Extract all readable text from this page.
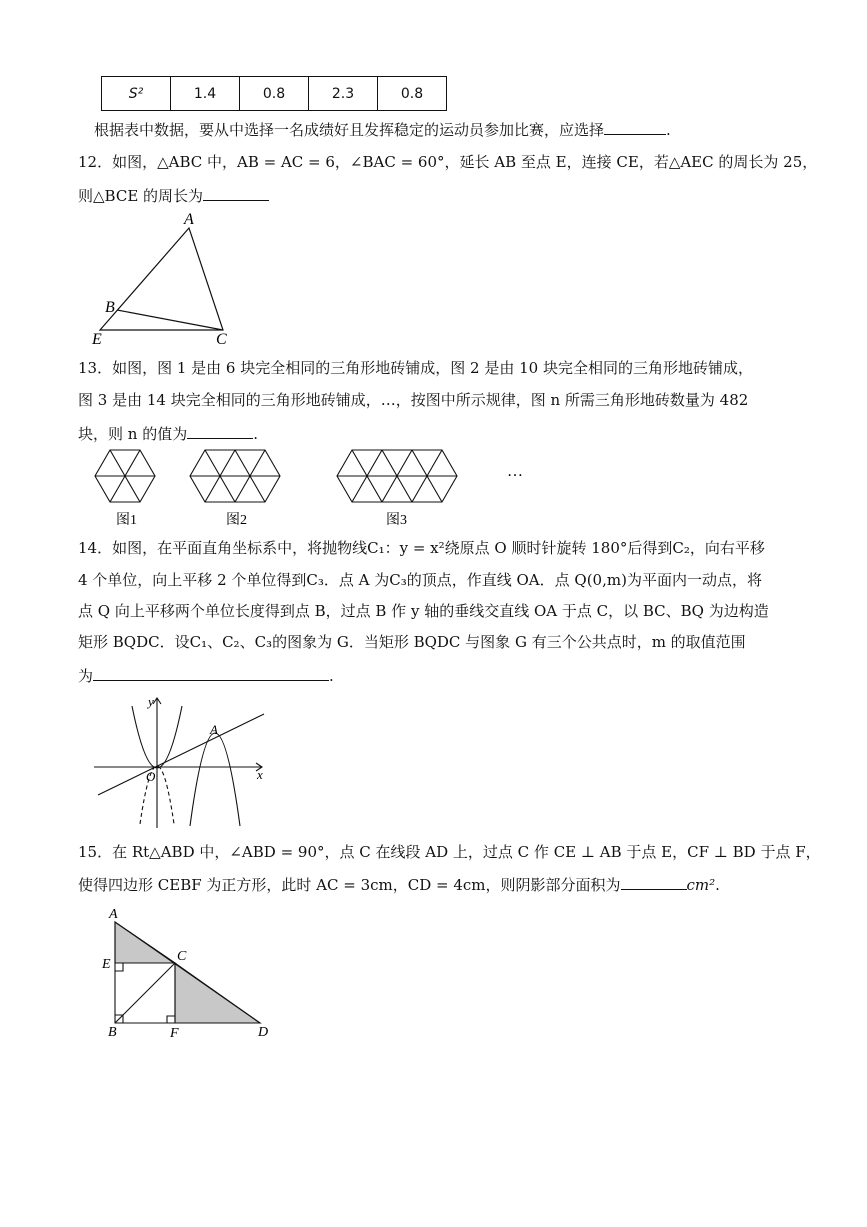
S²	1.4	0.8	2.3	0.8
根据表中数据，要从中选择一名成绩好且发挥稳定的运动员参加比赛，应选择	.
12．如图，△ABC 中，AB = AC = 6，∠BAC = 60°，延长 AB 至点 E，连接 CE，若△AEC 的周长为 25，
则△BCE 的周长为
A
B
E	C
13．如图，图 1 是由 6 块完全相同的三角形地砖铺成，图 2 是由 10 块完全相同的三角形地砖铺成，
图 3 是由 14 块完全相同的三角形地砖铺成，…，按图中所示规律，图 n 所需三角形地砖数量为 482
块，则 n 的值为	.
…
图1	图2	图3
14．如图，在平面直角坐标系中，将抛物线C₁：y = x²绕原点 O 顺时针旋转 180°后得到C₂，向右平移
4 个单位，向上平移 2 个单位得到C₃．点 A 为C₃的顶点，作直线 OA．点 Q(0,m)为平面内一动点，将
点 Q 向上平移两个单位长度得到点 B，过点 B 作 y 轴的垂线交直线 OA 于点 C，以 BC、BQ 为边构造
矩形 BQDC．设C₁、C₂、C₃的图象为 G．当矩形 BQDC 与图象 G 有三个公共点时，m 的取值范围
为	.
y
x
O
A
15．在 Rt△ABD 中，∠ABD = 90°，点 C 在线段 AD 上，过点 C 作 CE ⊥ AB 于点 E，CF ⊥ BD 于点 F，
使得四边形 CEBF 为正方形，此时 AC = 3cm，CD = 4cm，则阴影部分面积为	cm².
A
E
C
B	F	D
